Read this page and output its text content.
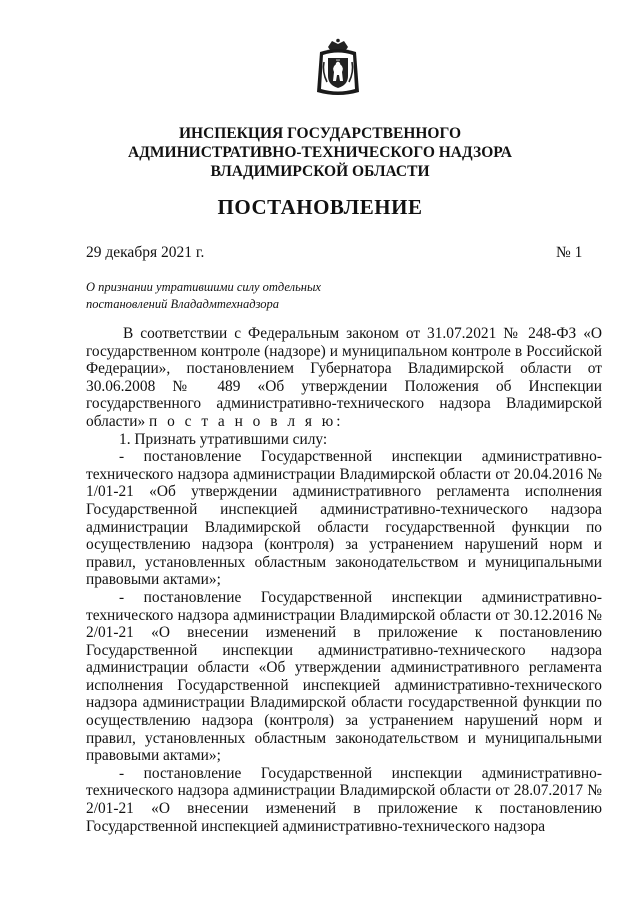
ИНСПЕКЦИЯ ГОСУДАРСТВЕННОГО
АДМИНИСТРАТИВНО-ТЕХНИЧЕСКОГО НАДЗОРА
ВЛАДИМИРСКОЙ ОБЛАСТИ
ПОСТАНОВЛЕНИЕ
29 декабря 2021 г.	№ 1
О признании утратившими силу отдельных
постановлений Влададмтехнадзора

В соответствии с Федеральным законом от 31.07.2021 № 248-ФЗ «О государственном контроле (надзоре) и муниципальном контроле в Российской Федерации», постановлением Губернатора Владимирской области от 30.06.2008 № 489 «Об утверждении Положения об Инспекции государственного административно-технического надзора Владимирской области» п о с т а н о в л я ю:

1. Признать утратившими силу:

- постановление Государственной инспекции административно-технического надзора администрации Владимирской области от 20.04.2016 № 1/01-21 «Об утверждении административного регламента исполнения Государственной инспекцией административно-технического надзора администрации Владимирской области государственной функции по осуществлению надзора (контроля) за устранением нарушений норм и правил, установленных областным законодательством и муниципальными правовыми актами»;

- постановление Государственной инспекции административно-технического надзора администрации Владимирской области от 30.12.2016 № 2/01-21 «О внесении изменений в приложение к постановлению Государственной инспекции административно-технического надзора администрации области «Об утверждении административного регламента исполнения Государственной инспекцией административно-технического надзора администрации Владимирской области государственной функции по осуществлению надзора (контроля) за устранением нарушений норм и правил, установленных областным законодательством и муниципальными правовыми актами»;

- постановление Государственной инспекции административно-технического надзора администрации Владимирской области от 28.07.2017 № 2/01-21 «О внесении изменений в приложение к постановлению Государственной инспекцией административно-технического надзора
